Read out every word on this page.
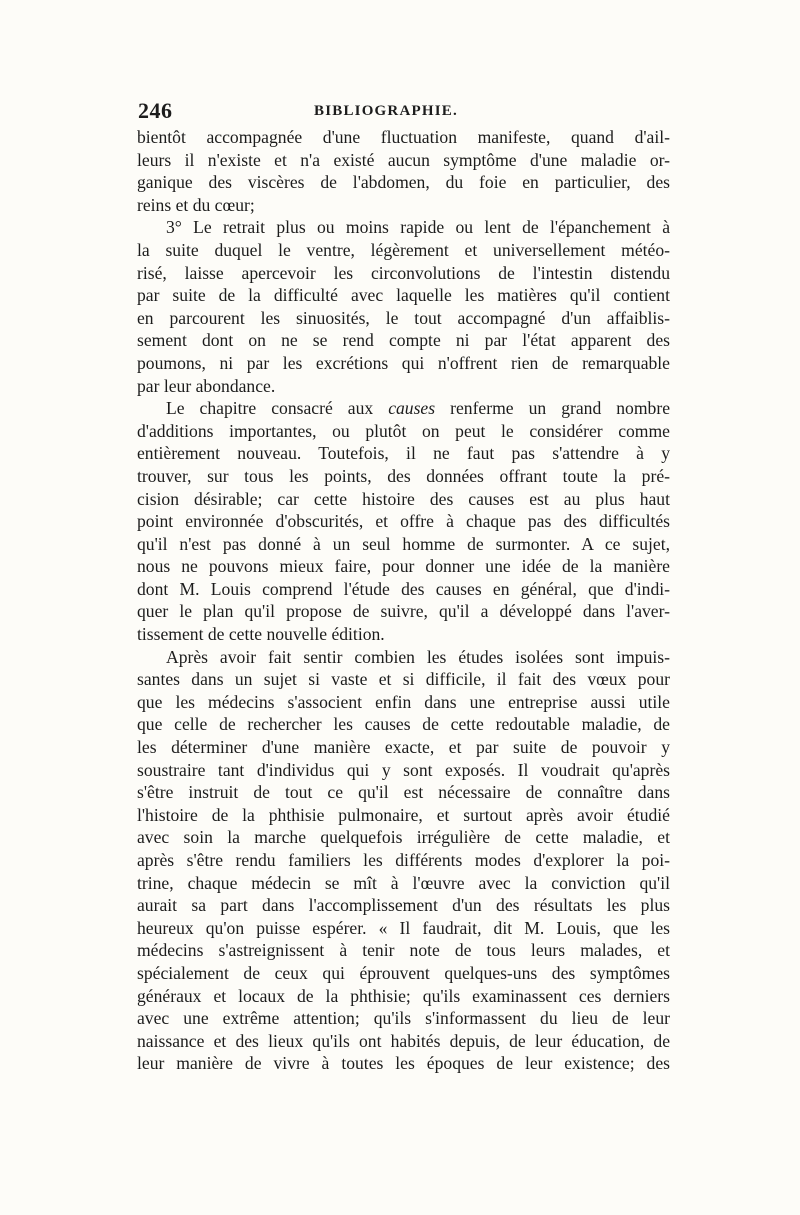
246	BIBLIOGRAPHIE.

bientôt accompagnée d'une fluctuation manifeste, quand d'ail-
leurs il n'existe et n'a existé aucun symptôme d'une maladie or-
ganique des viscères de l'abdomen, du foie en particulier, des
reins et du cœur;

3° Le retrait plus ou moins rapide ou lent de l'épanchement à
la suite duquel le ventre, légèrement et universellement météo-
risé, laisse apercevoir les circonvolutions de l'intestin distendu
par suite de la difficulté avec laquelle les matières qu'il contient
en parcourent les sinuosités, le tout accompagné d'un affaiblis-
sement dont on ne se rend compte ni par l'état apparent des
poumons, ni par les excrétions qui n'offrent rien de remarquable
par leur abondance.

Le chapitre consacré aux causes renferme un grand nombre
d'additions importantes, ou plutôt on peut le considérer comme
entièrement nouveau. Toutefois, il ne faut pas s'attendre à y
trouver, sur tous les points, des données offrant toute la pré-
cision désirable; car cette histoire des causes est au plus haut
point environnée d'obscurités, et offre à chaque pas des difficultés
qu'il n'est pas donné à un seul homme de surmonter. A ce sujet,
nous ne pouvons mieux faire, pour donner une idée de la manière
dont M. Louis comprend l'étude des causes en général, que d'indi-
quer le plan qu'il propose de suivre, qu'il a développé dans l'aver-
tissement de cette nouvelle édition.

Après avoir fait sentir combien les études isolées sont impuis-
santes dans un sujet si vaste et si difficile, il fait des vœux pour
que les médecins s'associent enfin dans une entreprise aussi utile
que celle de rechercher les causes de cette redoutable maladie, de
les déterminer d'une manière exacte, et par suite de pouvoir y
soustraire tant d'individus qui y sont exposés. Il voudrait qu'après
s'être instruit de tout ce qu'il est nécessaire de connaître dans
l'histoire de la phthisie pulmonaire, et surtout après avoir étudié
avec soin la marche quelquefois irrégulière de cette maladie, et
après s'être rendu familiers les différents modes d'explorer la poi-
trine, chaque médecin se mît à l'œuvre avec la conviction qu'il
aurait sa part dans l'accomplissement d'un des résultats les plus
heureux qu'on puisse espérer. « Il faudrait, dit M. Louis, que les
médecins s'astreignissent à tenir note de tous leurs malades, et
spécialement de ceux qui éprouvent quelques-uns des symptômes
généraux et locaux de la phthisie; qu'ils examinassent ces derniers
avec une extrême attention; qu'ils s'informassent du lieu de leur
naissance et des lieux qu'ils ont habités depuis, de leur éducation, de
leur manière de vivre à toutes les époques de leur existence; des
